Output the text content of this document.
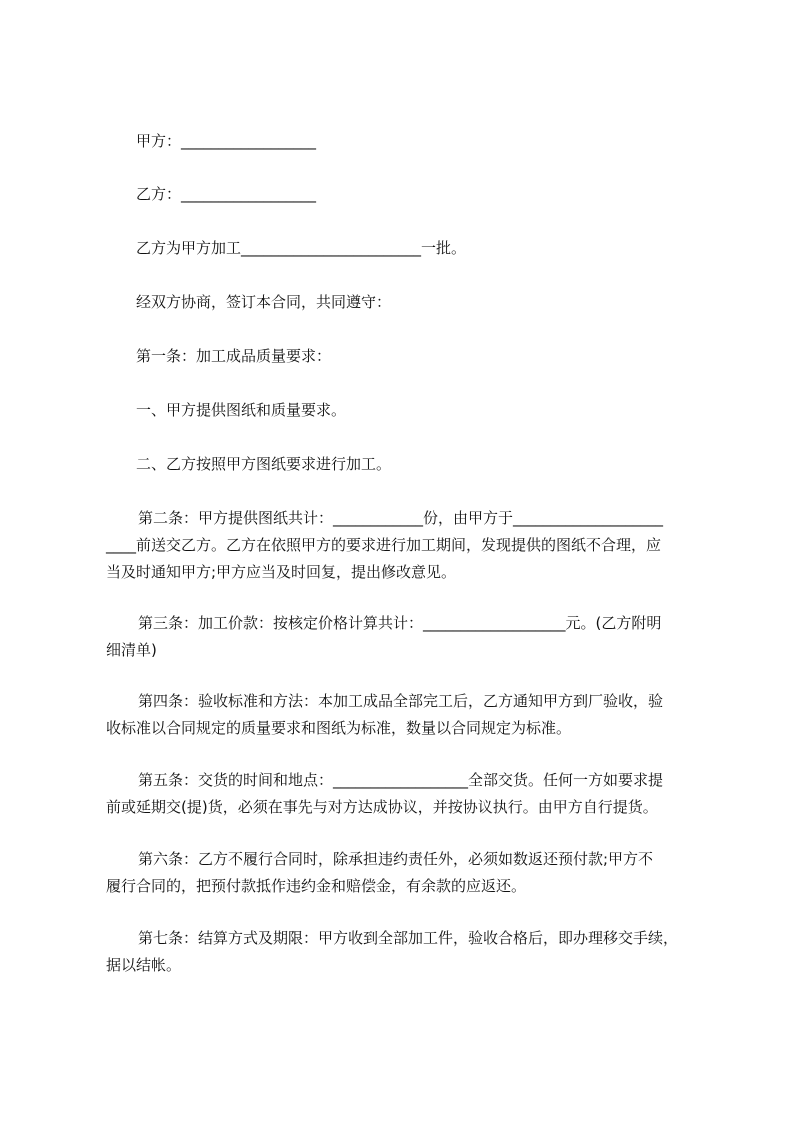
甲方：__________________
乙方：__________________
乙方为甲方加工________________________一批。
经双方协商，签订本合同，共同遵守：
第一条：加工成品质量要求：
一、甲方提供图纸和质量要求。
二、乙方按照甲方图纸要求进行加工。
第二条：甲方提供图纸共计：____________份，由甲方于____________________
____前送交乙方。乙方在依照甲方的要求进行加工期间，发现提供的图纸不合理，应
当及时通知甲方;甲方应当及时回复，提出修改意见。
第三条：加工价款：按核定价格计算共计：___________________元。(乙方附明
细清单)
第四条：验收标准和方法：本加工成品全部完工后，乙方通知甲方到厂验收，验
收标准以合同规定的质量要求和图纸为标准，数量以合同规定为标准。
第五条：交货的时间和地点：__________________全部交货。任何一方如要求提
前或延期交(提)货，必须在事先与对方达成协议，并按协议执行。由甲方自行提货。
第六条：乙方不履行合同时，除承担违约责任外，必须如数返还预付款;甲方不
履行合同的，把预付款抵作违约金和赔偿金，有余款的应返还。
第七条：结算方式及期限：甲方收到全部加工件，验收合格后，即办理移交手续，
据以结帐。
